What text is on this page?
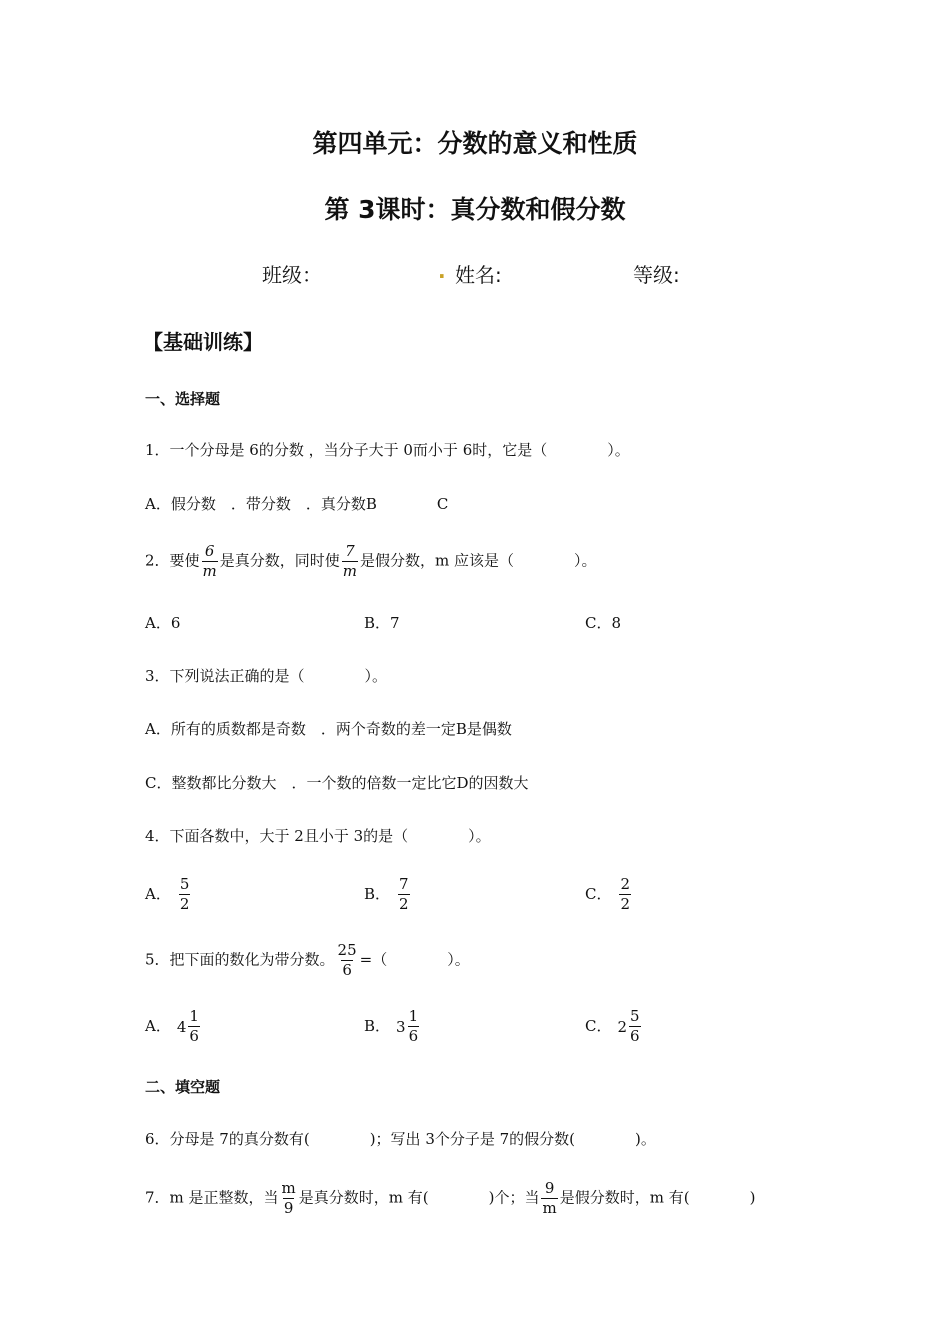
第四单元：分数的意义和性质
第 3课时：真分数和假分数
班级：	. 姓名:	等级:
【基础训练】
一、选择题
1．一个分母是 6的分数 ，当分子大于 0而小于 6时，它是（　　　　）。
A．假分数　．带分数　．真分数B　　　　C
2．要使 $\frac{6}{m}$ 是真分数，同时使 $\frac{7}{m}$ 是假分数，m 应该是（　　　　）。
A．6	B．7	C．8
3．下列说法正确的是（　　　　）。
A．所有的质数都是奇数　．两个奇数的差一定B是偶数
C．整数都比分数大　．一个数的倍数一定比它D的因数大
4．下面各数中，大于 2且小于 3的是（　　　　）。
A． $\frac{5}{2}$	B． $\frac{7}{2}$	C． $\frac{2}{2}$
5．把下面的数化为带分数。 $\frac{25}{6}$ =（　　　　）。
A． $4 \frac{1}{6}$	B． $3 \frac{1}{6}$	C． $2 \frac{5}{6}$
二、填空题
6．分母是 7的真分数有(　　　　)；写出 3个分子是 7的假分数(　　　　)。
7．m 是正整数，当 $\frac{m}{9}$ 是真分数时，m 有(　　　　)个；当 $\frac{9}{m}$ 是假分数时，m 有(　　　　)
